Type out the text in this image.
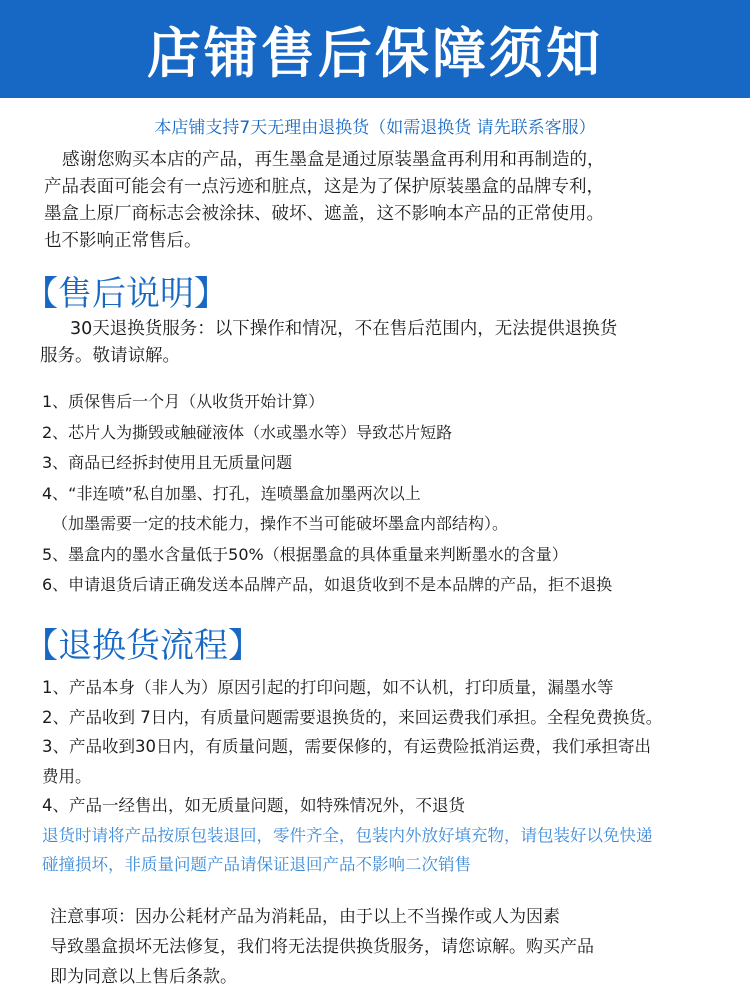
店铺售后保障须知
本店铺支持7天无理由退换货（如需退换货 请先联系客服）
感谢您购买本店的产品，再生墨盒是通过原装墨盒再利用和再制造的，
产品表面可能会有一点污迹和脏点，这是为了保护原装墨盒的品牌专利，
墨盒上原厂商标志会被涂抹、破坏、遮盖，这不影响本产品的正常使用。
也不影响正常售后。
【售后说明】
30天退换货服务：以下操作和情况，不在售后范围内，无法提供退换货
服务。敬请谅解。
1、质保售后一个月（从收货开始计算）
2、芯片人为撕毁或触碰液体（水或墨水等）导致芯片短路
3、商品已经拆封使用且无质量问题
4、“非连喷”私自加墨、打孔，连喷墨盒加墨两次以上
（加墨需要一定的技术能力，操作不当可能破坏墨盒内部结构）。
5、墨盒内的墨水含量低于50%（根据墨盒的具体重量来判断墨水的含量）
6、申请退货后请正确发送本品牌产品，如退货收到不是本品牌的产品，拒不退换
【退换货流程】
1、产品本身（非人为）原因引起的打印问题，如不认机，打印质量，漏墨水等
2、产品收到 7日内，有质量问题需要退换货的，来回运费我们承担。全程免费换货。
3、产品收到30日内，有质量问题，需要保修的，有运费险抵消运费，我们承担寄出
费用。
4、产品一经售出，如无质量问题，如特殊情况外，不退货
退货时请将产品按原包装退回，零件齐全，包装内外放好填充物，请包装好以免快递
碰撞损坏，非质量问题产品请保证退回产品不影响二次销售
注意事项：因办公耗材产品为消耗品，由于以上不当操作或人为因素
导致墨盒损坏无法修复，我们将无法提供换货服务，请您谅解。购买产品
即为同意以上售后条款。
